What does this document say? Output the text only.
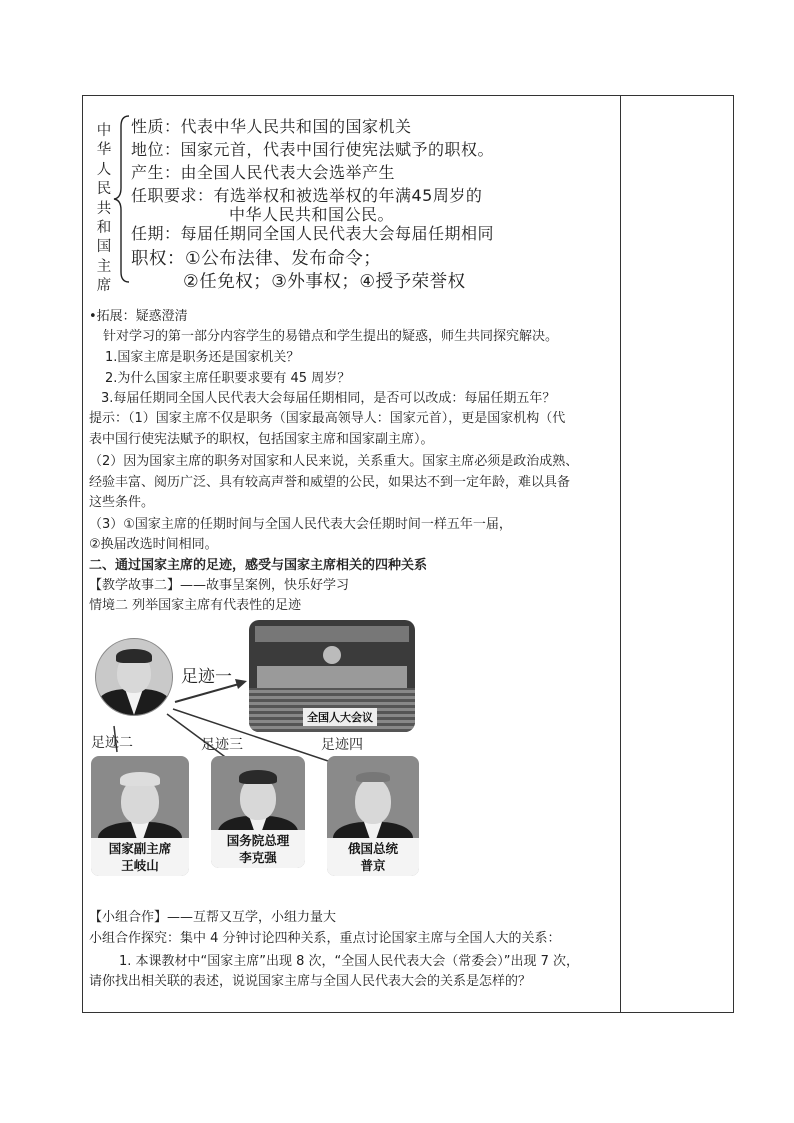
中
华
人
民
共
和
国
主
席
性质：代表中华人民共和国的国家机关
地位：国家元首，代表中国行使宪法赋予的职权。
产生：由全国人民代表大会选举产生
任职要求：有选举权和被选举权的年满45周岁的
中华人民共和国公民。
任期：每届任期同全国人民代表大会每届任期相同
职权：①公布法律、发布命令；
②任免权；③外事权；④授予荣誉权
•拓展：疑惑澄清
针对学习的第一部分内容学生的易错点和学生提出的疑惑，师生共同探究解决。
1.国家主席是职务还是国家机关？
2.为什么国家主席任职要求要有 45 周岁？
3.每届任期同全国人民代表大会每届任期相同，是否可以改成：每届任期五年？
提示：（1）国家主席不仅是职务（国家最高领导人：国家元首），更是国家机构（代
表中国行使宪法赋予的职权，包括国家主席和国家副主席）。
（2）因为国家主席的职务对国家和人民来说，关系重大。国家主席必须是政治成熟、
经验丰富、阅历广泛、具有较高声誉和威望的公民，如果达不到一定年龄，难以具备
这些条件。
（3）①国家主席的任期时间与全国人民代表大会任期时间一样五年一届，
②换届改选时间相同。
二、通过国家主席的足迹，感受与国家主席相关的四种关系
【教学故事二】——故事呈案例，快乐好学习
情境二 列举国家主席有代表性的足迹
足迹一
全国人大会议
足迹二	足迹三	足迹四
国家副主席
王岐山
国务院总理
李克强
俄国总统
普京
【小组合作】——互帮又互学，小组力量大
小组合作探究：集中 4 分钟讨论四种关系，重点讨论国家主席与全国人大的关系：
1. 本课教材中“国家主席”出现 8 次，“全国人民代表大会（常委会）”出现 7 次，
请你找出相关联的表述，说说国家主席与全国人民代表大会的关系是怎样的？
